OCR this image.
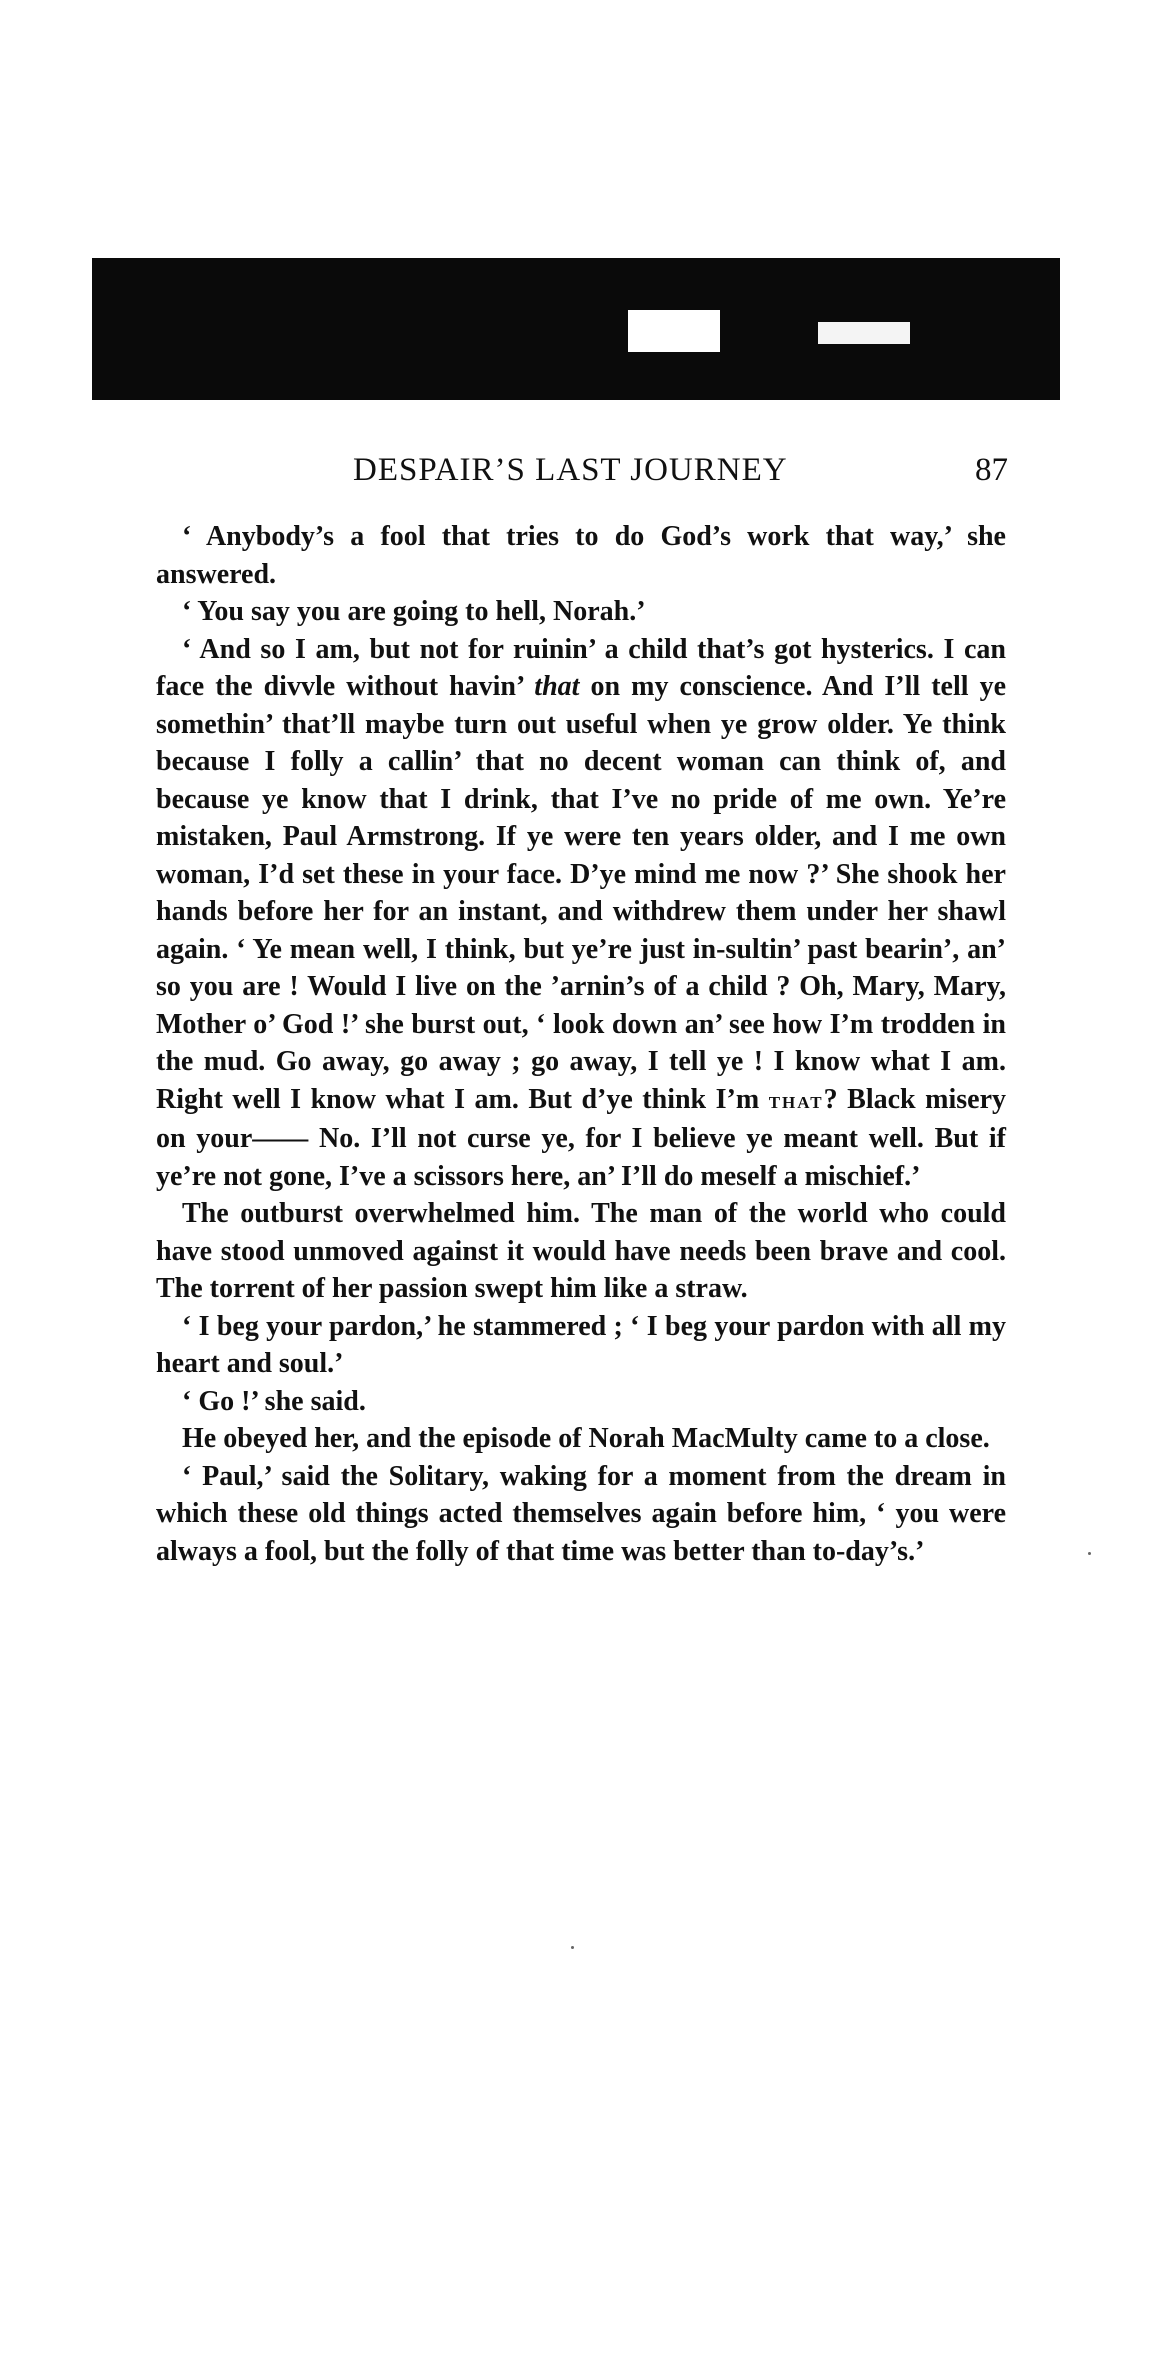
DESPAIR’S LAST JOURNEY	87

‘ Anybody’s a fool that tries to do God’s work that way,’ she answered.

‘ You say you are going to hell, Norah.’

‘ And so I am, but not for ruinin’ a child that’s got hysterics. I can face the divvle without havin’ that on my conscience. And I’ll tell ye somethin’ that’ll maybe turn out useful when ye grow older. Ye think because I folly a callin’ that no decent woman can think of, and because ye know that I drink, that I’ve no pride of me own. Ye’re mistaken, Paul Armstrong. If ye were ten years older, and I me own woman, I’d set these in your face. D’ye mind me now ?’ She shook her hands before her for an instant, and withdrew them under her shawl again. ‘ Ye mean well, I think, but ye’re just in-sultin’ past bearin’, an’ so you are ! Would I live on the ’arnin’s of a child ? Oh, Mary, Mary, Mother o’ God !’ she burst out, ‘ look down an’ see how I’m trodden in the mud. Go away, go away ; go away, I tell ye ! I know what I am. Right well I know what I am. But d’ye think I’m that? Black misery on your—— No. I’ll not curse ye, for I believe ye meant well. But if ye’re not gone, I’ve a scissors here, an’ I’ll do meself a mischief.’

The outburst overwhelmed him. The man of the world who could have stood unmoved against it would have needs been brave and cool. The torrent of her passion swept him like a straw.

‘ I beg your pardon,’ he stammered ; ‘ I beg your pardon with all my heart and soul.’

‘ Go !’ she said.

He obeyed her, and the episode of Norah MacMulty came to a close.

‘ Paul,’ said the Solitary, waking for a moment from the dream in which these old things acted themselves again before him, ‘ you were always a fool, but the folly of that time was better than to-day’s.’
